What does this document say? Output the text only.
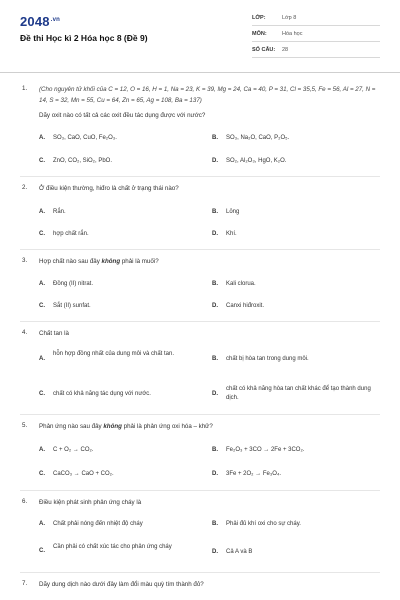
$2048^{.vn}$
Đề thi Học kì 2 Hóa học 8 (Đề 9)
LỚP:	Lớp 8
MÔN:	Hóa học
SỐ CÂU: 28
1. (Cho nguyên tử khối của C = 12, O = 16, H = 1, Na = 23, K = 39, Mg = 24, Ca = 40, P = 31, Cl = 35,5, Fe = 56, Al = 27, N = 14, S = 32, Mn = 55, Cu = 64, Zn = 65, Ag = 108, Ba = 137)
Dãy oxit nào có tất cả các oxit đều tác dụng được với nước?
A. SO₃, CaO, CuO, Fe₂O₃.	B. SO₃, Na₂O, CaO, P₂O₅.
C. ZnO, CO₂, SiO₂, PbO.	D. SO₂, Al₂O₃, HgO, K₂O.
2. Ở điều kiện thường, hiđro là chất ở trạng thái nào?
A. Rắn.	B. Lỏng
C. hợp chất rắn.	D. Khí.
3. Hợp chất nào sau đây không phải là muối?
A. Đồng (II) nitrat.	B. Kali clorua.
C. Sắt (II) sunfat.	D. Canxi hiđroxit.
4. Chất tan là
A.
hỗn hợp đồng nhất của dung môi và chất tan.
B. chất bị hòa tan trong dung môi.
C. chất có khả năng tác dụng với nước.	D.
chất có khả năng hòa tan chất khác để tạo thành dung dịch.
5. Phản ứng nào sau đây không phải là phản ứng oxi hóa – khử?
A. C + O₂ → CO₂.	B. Fe₂O₃ + 3CO → 2Fe + 3CO₂.
C. CaCO₃ → CaO + CO₂.	D. 3Fe + 2O₂ → Fe₃O₄.
6. Điều kiện phát sinh phản ứng cháy là
A. Chất phải nóng đến nhiệt độ cháy	B. Phải đủ khí oxi cho sự cháy.
C.
Cần phải có chất xúc tác cho phản ứng cháy
D. Cả A và B
7. Dãy dung dịch nào dưới đây làm đổi màu quỳ tím thành đỏ?
